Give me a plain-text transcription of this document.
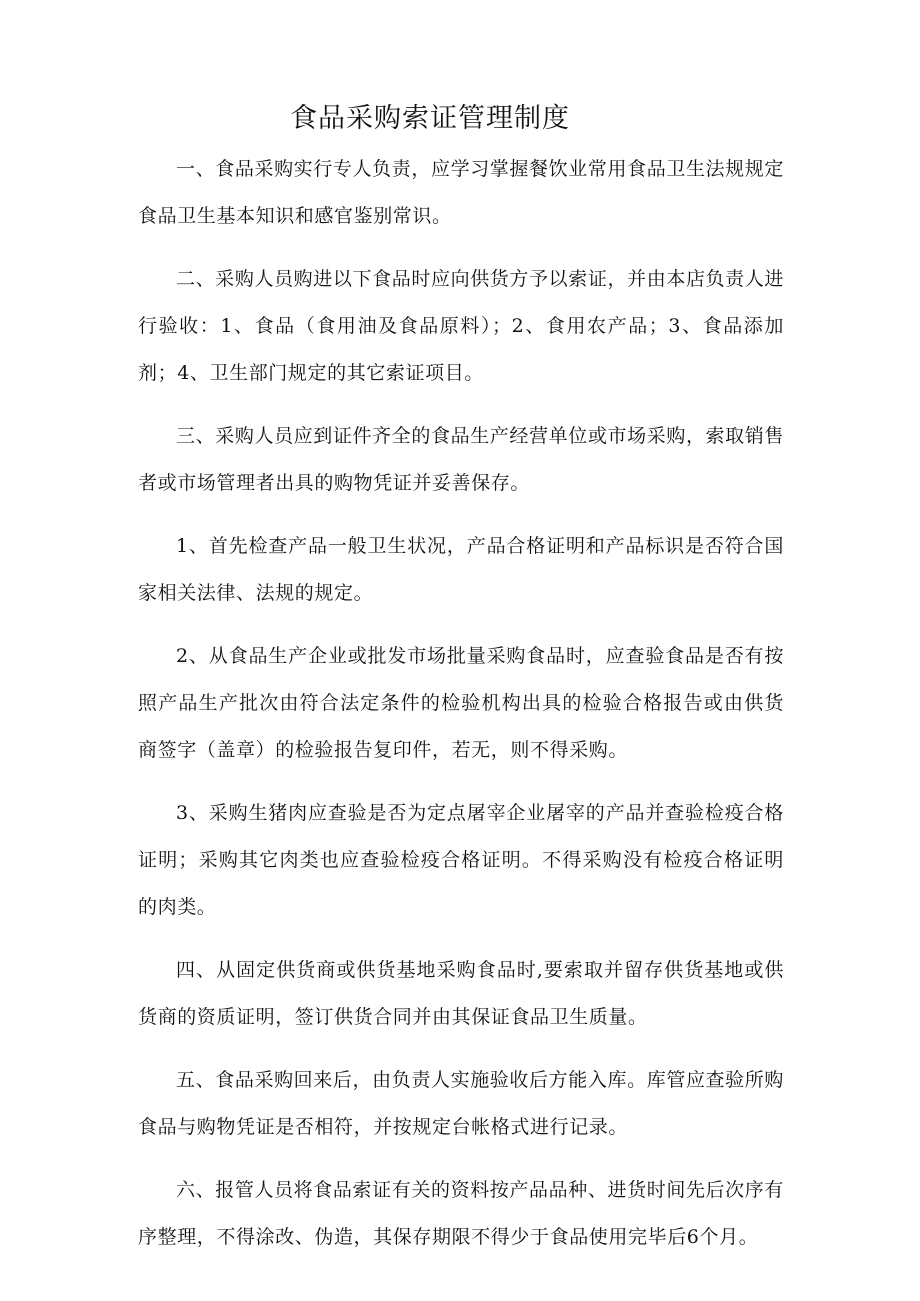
食品采购索证管理制度

一、食品采购实行专人负责，应学习掌握餐饮业常用食品卫生法规规定食品卫生基本知识和感官鉴别常识。

二、采购人员购进以下食品时应向供货方予以索证，并由本店负责人进行验收：1、食品（食用油及食品原料）；2、食用农产品；3、食品添加剂；4、卫生部门规定的其它索证项目。

三、采购人员应到证件齐全的食品生产经营单位或市场采购，索取销售者或市场管理者出具的购物凭证并妥善保存。

1、首先检查产品一般卫生状况，产品合格证明和产品标识是否符合国家相关法律、法规的规定。

2、从食品生产企业或批发市场批量采购食品时，应查验食品是否有按照产品生产批次由符合法定条件的检验机构出具的检验合格报告或由供货商签字（盖章）的检验报告复印件，若无，则不得采购。

3、采购生猪肉应查验是否为定点屠宰企业屠宰的产品并查验检疫合格证明；采购其它肉类也应查验检疫合格证明。不得采购没有检疫合格证明的肉类。

四、从固定供货商或供货基地采购食品时,要索取并留存供货基地或供货商的资质证明，签订供货合同并由其保证食品卫生质量。

五、食品采购回来后，由负责人实施验收后方能入库。库管应查验所购食品与购物凭证是否相符，并按规定台帐格式进行记录。

六、报管人员将食品索证有关的资料按产品品种、进货时间先后次序有序整理，不得涂改、伪造，其保存期限不得少于食品使用完毕后6个月。
